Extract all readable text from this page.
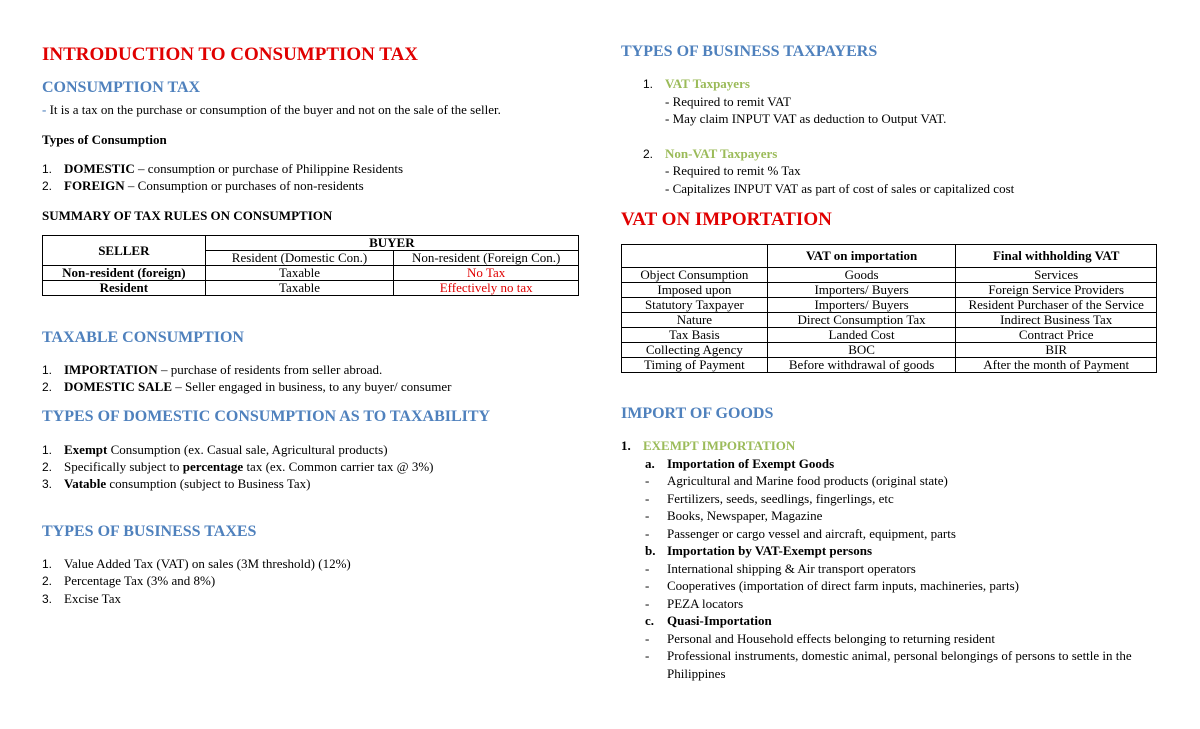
INTRODUCTION TO CONSUMPTION TAX
CONSUMPTION TAX
- It is a tax on the purchase or consumption of the buyer and not on the sale of the seller.
Types of Consumption
1. DOMESTIC – consumption or purchase of Philippine Residents
2. FOREIGN – Consumption or purchases of non-residents
SUMMARY OF TAX RULES ON CONSUMPTION
SELLER	BUYER	
	Resident (Domestic Con.)	Non-resident (Foreign Con.)
Non-resident (foreign)	Taxable	No Tax
Resident	Taxable	Effectively no tax
TAXABLE CONSUMPTION
1. IMPORTATION – purchase of residents from seller abroad.
2. DOMESTIC SALE – Seller engaged in business, to any buyer/ consumer
TYPES OF DOMESTIC CONSUMPTION AS TO TAXABILITY
1. Exempt Consumption (ex. Casual sale, Agricultural products)
2. Specifically subject to percentage tax (ex. Common carrier tax @ 3%)
3. Vatable consumption (subject to Business Tax)
TYPES OF BUSINESS TAXES
1. Value Added Tax (VAT) on sales (3M threshold) (12%)
2. Percentage Tax (3% and 8%)
3. Excise Tax
TYPES OF BUSINESS TAXPAYERS
1. VAT Taxpayers
- Required to remit VAT
- May claim INPUT VAT as deduction to Output VAT.
2. Non-VAT Taxpayers
- Required to remit % Tax
- Capitalizes INPUT VAT as part of cost of sales or capitalized cost
VAT ON IMPORTATION
	VAT on importation	Final withholding VAT
Object Consumption	Goods	Services
Imposed upon	Importers/ Buyers	Foreign Service Providers
Statutory Taxpayer	Importers/ Buyers	Resident Purchaser of the Service
Nature	Direct Consumption Tax	Indirect Business Tax
Tax Basis	Landed Cost	Contract Price
Collecting Agency	BOC	BIR
Timing of Payment	Before withdrawal of goods	After the month of Payment
IMPORT OF GOODS
1. EXEMPT IMPORTATION
a. Importation of Exempt Goods
- Agricultural and Marine food products (original state)
- Fertilizers, seeds, seedlings, fingerlings, etc
- Books, Newspaper, Magazine
- Passenger or cargo vessel and aircraft, equipment, parts
b. Importation by VAT-Exempt persons
- International shipping & Air transport operators
- Cooperatives (importation of direct farm inputs, machineries, parts)
- PEZA locators
c. Quasi-Importation
- Personal and Household effects belonging to returning resident
- Professional instruments, domestic animal, personal belongings of persons to settle in the
Philippines
